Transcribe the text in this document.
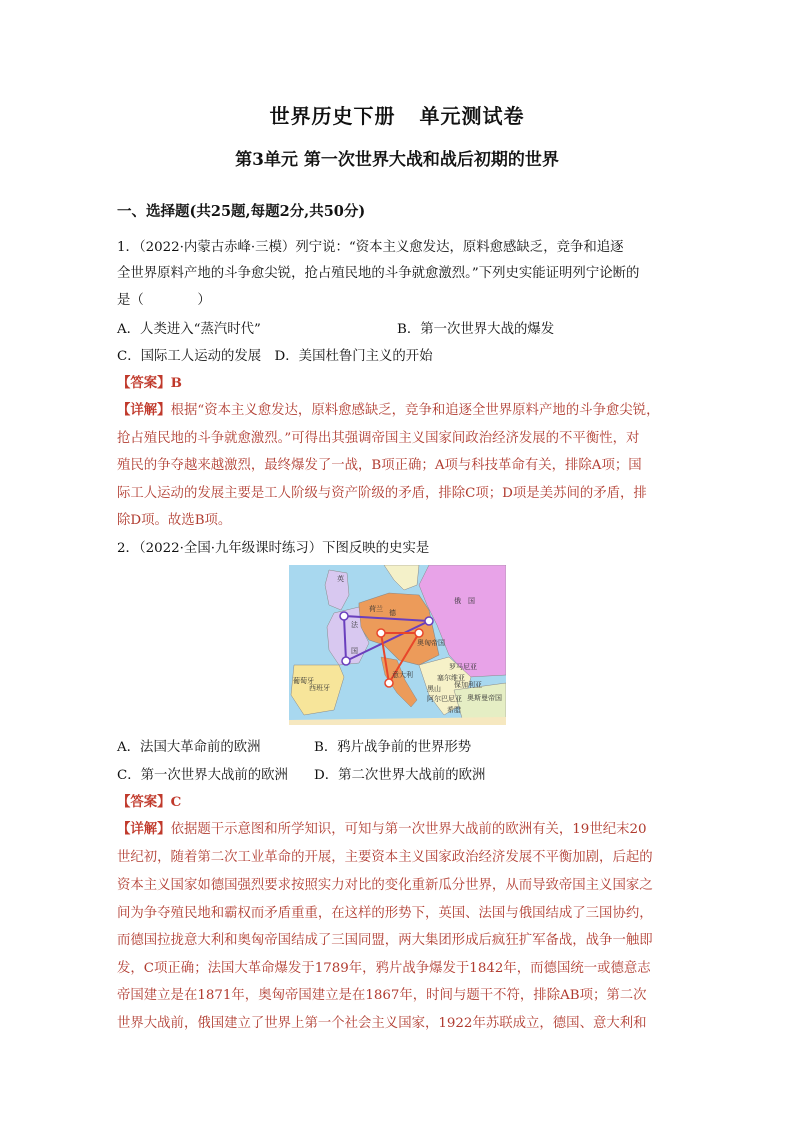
世界历史下册 单元测试卷
第3单元 第一次世界大战和战后初期的世界
一、选择题(共25题,每题2分,共50分)
1．（2022·内蒙古赤峰·三模）列宁说：“资本主义愈发达，原料愈感缺乏，竞争和追逐
全世界原料产地的斗争愈尖锐，抢占殖民地的斗争就愈激烈。”下列史实能证明列宁论断的
是（　　　　）
A．人类进入“蒸汽时代”	B．第一次世界大战的爆发
C．国际工人运动的发展　 D．美国杜鲁门主义的开始
【答案】B
【详解】根据“资本主义愈发达，原料愈感缺乏，竞争和追逐全世界原料产地的斗争愈尖锐，
抢占殖民地的斗争就愈激烈。”可得出其强调帝国主义国家间政治经济发展的不平衡性，对
殖民的争夺越来越激烈，最终爆发了一战，B项正确；A项与科技革命有关，排除A项；国
际工人运动的发展主要是工人阶级与资产阶级的矛盾，排除C项；D项是美苏间的矛盾，排
除D项。故选B项。
2．（2022·全国·九年级课时练习）下图反映的史实是
英
荷兰 德
俄　国
法
国
奥匈帝国
西班牙
葡萄牙
意大利
罗马尼亚
奥斯曼帝国
塞尔维亚
黑山
阿尔巴尼亚
希腊
保加利亚
A．法国大革命前的欧洲	B．鸦片战争前的世界形势
C．第一次世界大战前的欧洲 D．第二次世界大战前的欧洲
【答案】C
【详解】依据题干示意图和所学知识，可知与第一次世界大战前的欧洲有关，19世纪末20
世纪初，随着第二次工业革命的开展，主要资本主义国家政治经济发展不平衡加剧，后起的
资本主义国家如德国强烈要求按照实力对比的变化重新瓜分世界，从而导致帝国主义国家之
间为争夺殖民地和霸权而矛盾重重，在这样的形势下，英国、法国与俄国结成了三国协约，
而德国拉拢意大利和奥匈帝国结成了三国同盟，两大集团形成后疯狂扩军备战，战争一触即
发，C项正确；法国大革命爆发于1789年，鸦片战争爆发于1842年，而德国统一或德意志
帝国建立是在1871年，奥匈帝国建立是在1867年，时间与题干不符，排除AB项；第二次
世界大战前，俄国建立了世界上第一个社会主义国家，1922年苏联成立，德国、意大利和
